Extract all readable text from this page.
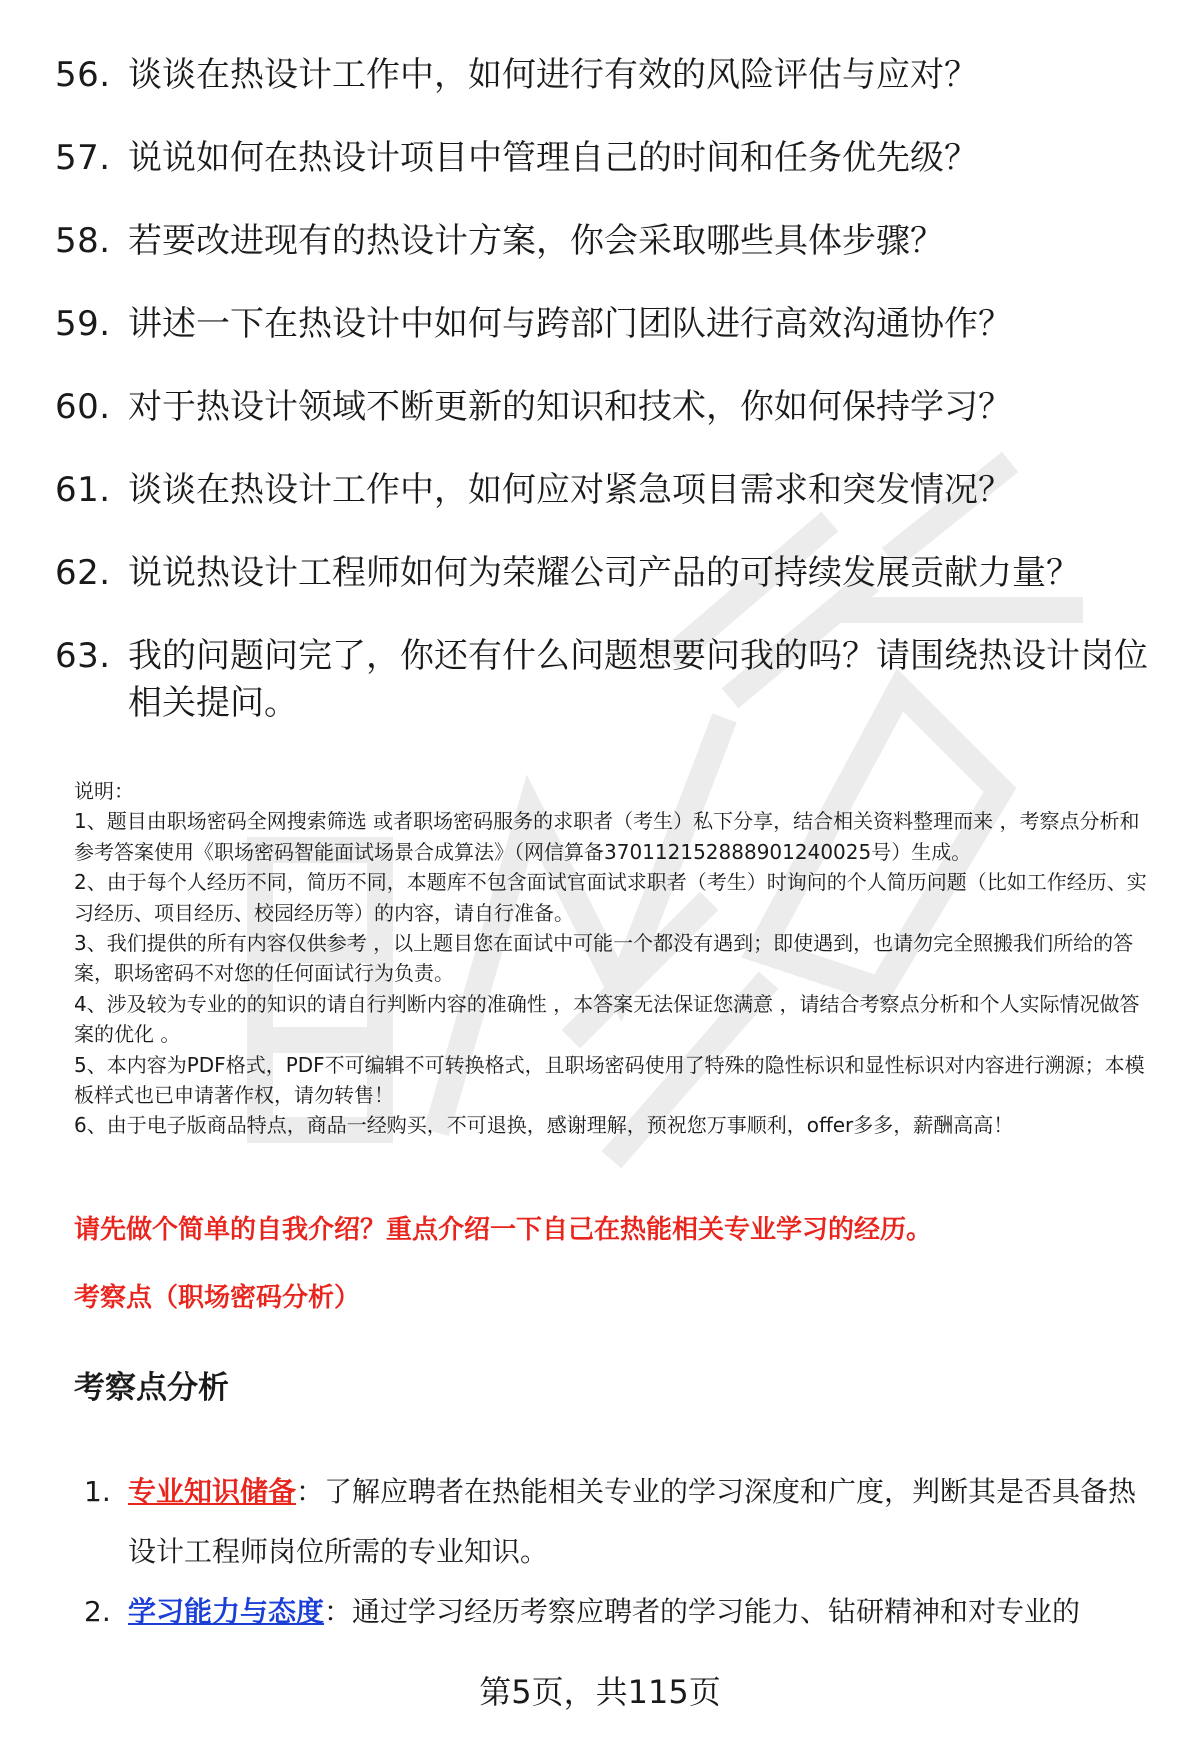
56. 谈谈在热设计工作中，如何进行有效的风险评估与应对？
57. 说说如何在热设计项目中管理自己的时间和任务优先级？
58. 若要改进现有的热设计方案，你会采取哪些具体步骤？
59. 讲述一下在热设计中如何与跨部门团队进行高效沟通协作？
60. 对于热设计领域不断更新的知识和技术，你如何保持学习？
61. 谈谈在热设计工作中，如何应对紧急项目需求和突发情况？
62. 说说热设计工程师如何为荣耀公司产品的可持续发展贡献力量？
63. 我的问题问完了，你还有什么问题想要问我的吗？请围绕热设计岗位相关提问。

说明：

1、题目由职场密码全网搜索筛选 或者职场密码服务的求职者（考生）私下分享，结合相关资料整理而来 ，考察点分析和参考答案使用《职场密码智能面试场景合成算法》（网信算备370112152888901240025号）生成。

2、由于每个人经历不同，简历不同，本题库不包含面试官面试求职者（考生）时询问的个人简历问题（比如工作经历、实习经历、项目经历、校园经历等）的内容，请自行准备。

3、我们提供的所有内容仅供参考 ，以上题目您在面试中可能一个都没有遇到；即使遇到，也请勿完全照搬我们所给的答案，职场密码不对您的任何面试行为负责。

4、涉及较为专业的的知识的请自行判断内容的准确性 ，本答案无法保证您满意 ，请结合考察点分析和个人实际情况做答案的优化 。

5、本内容为PDF格式，PDF不可编辑不可转换格式，且职场密码使用了特殊的隐性标识和显性标识对内容进行溯源；本模板样式也已申请著作权，请勿转售！

6、由于电子版商品特点，商品一经购买，不可退换，感谢理解，预祝您万事顺利，offer多多，薪酬高高！

请先做个简单的自我介绍？重点介绍一下自己在热能相关专业学习的经历。
考察点（职场密码分析）
考察点分析
1. 专业知识储备：了解应聘者在热能相关专业的学习深度和广度，判断其是否具备热设计工程师岗位所需的专业知识。
2. 学习能力与态度：通过学习经历考察应聘者的学习能力、钻研精神和对专业的
第5页，共115页
